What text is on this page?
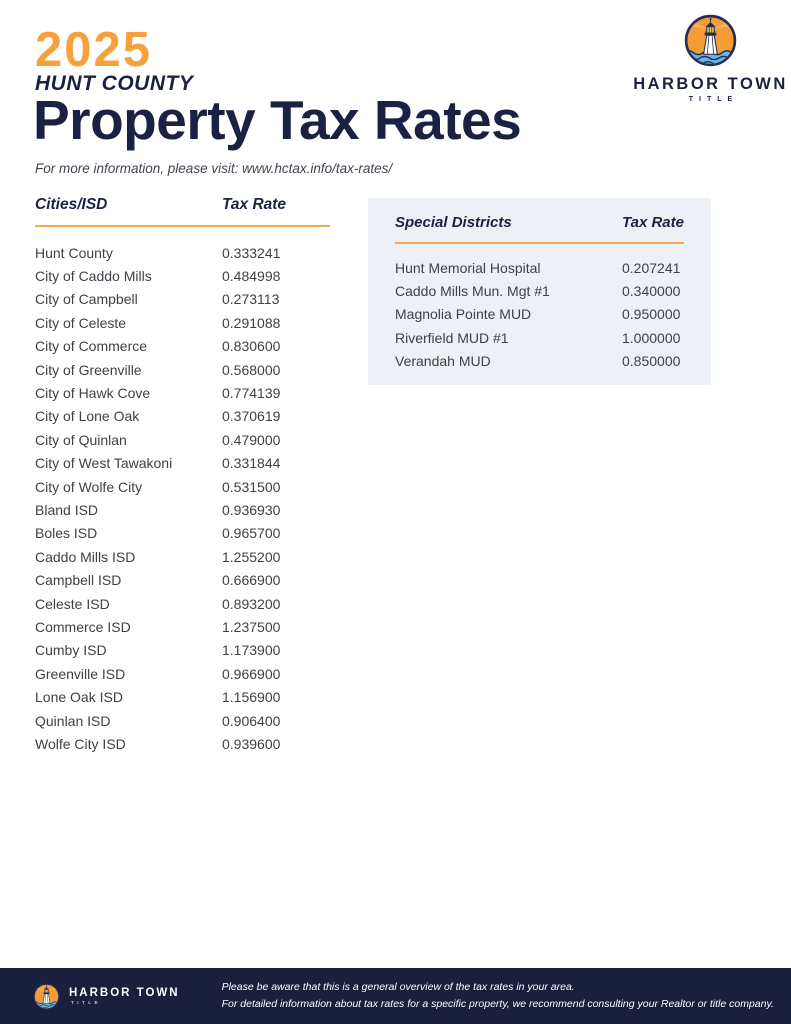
2025
HUNT COUNTY
Property Tax Rates
For more information, please visit: www.hctax.info/tax-rates/
HARBOR TOWN
TITLE
Cities/ISD	Tax Rate
Hunt County	0.333241
City of Caddo Mills	0.484998
City of Campbell	0.273113
City of Celeste	0.291088
City of Commerce	0.830600
City of Greenville	0.568000
City of Hawk Cove	0.774139
City of Lone Oak	0.370619
City of Quinlan	0.479000
City of West Tawakoni	0.331844
City of Wolfe City	0.531500
Bland ISD	0.936930
Boles ISD	0.965700
Caddo Mills ISD	1.255200
Campbell ISD	0.666900
Celeste ISD	0.893200
Commerce ISD	1.237500
Cumby ISD	1.173900
Greenville ISD	0.966900
Lone Oak ISD	1.156900
Quinlan ISD	0.906400
Wolfe City ISD	0.939600
Special Districts	Tax Rate
Hunt Memorial Hospital	0.207241
Caddo Mills Mun. Mgt #1	0.340000
Magnolia Pointe MUD	0.950000
Riverfield MUD #1	1.000000
Verandah MUD	0.850000
HARBOR TOWN
TITLE
Please be aware that this is a general overview of the tax rates in your area.
For detailed information about tax rates for a specific property, we recommend consulting your Realtor or title company.
